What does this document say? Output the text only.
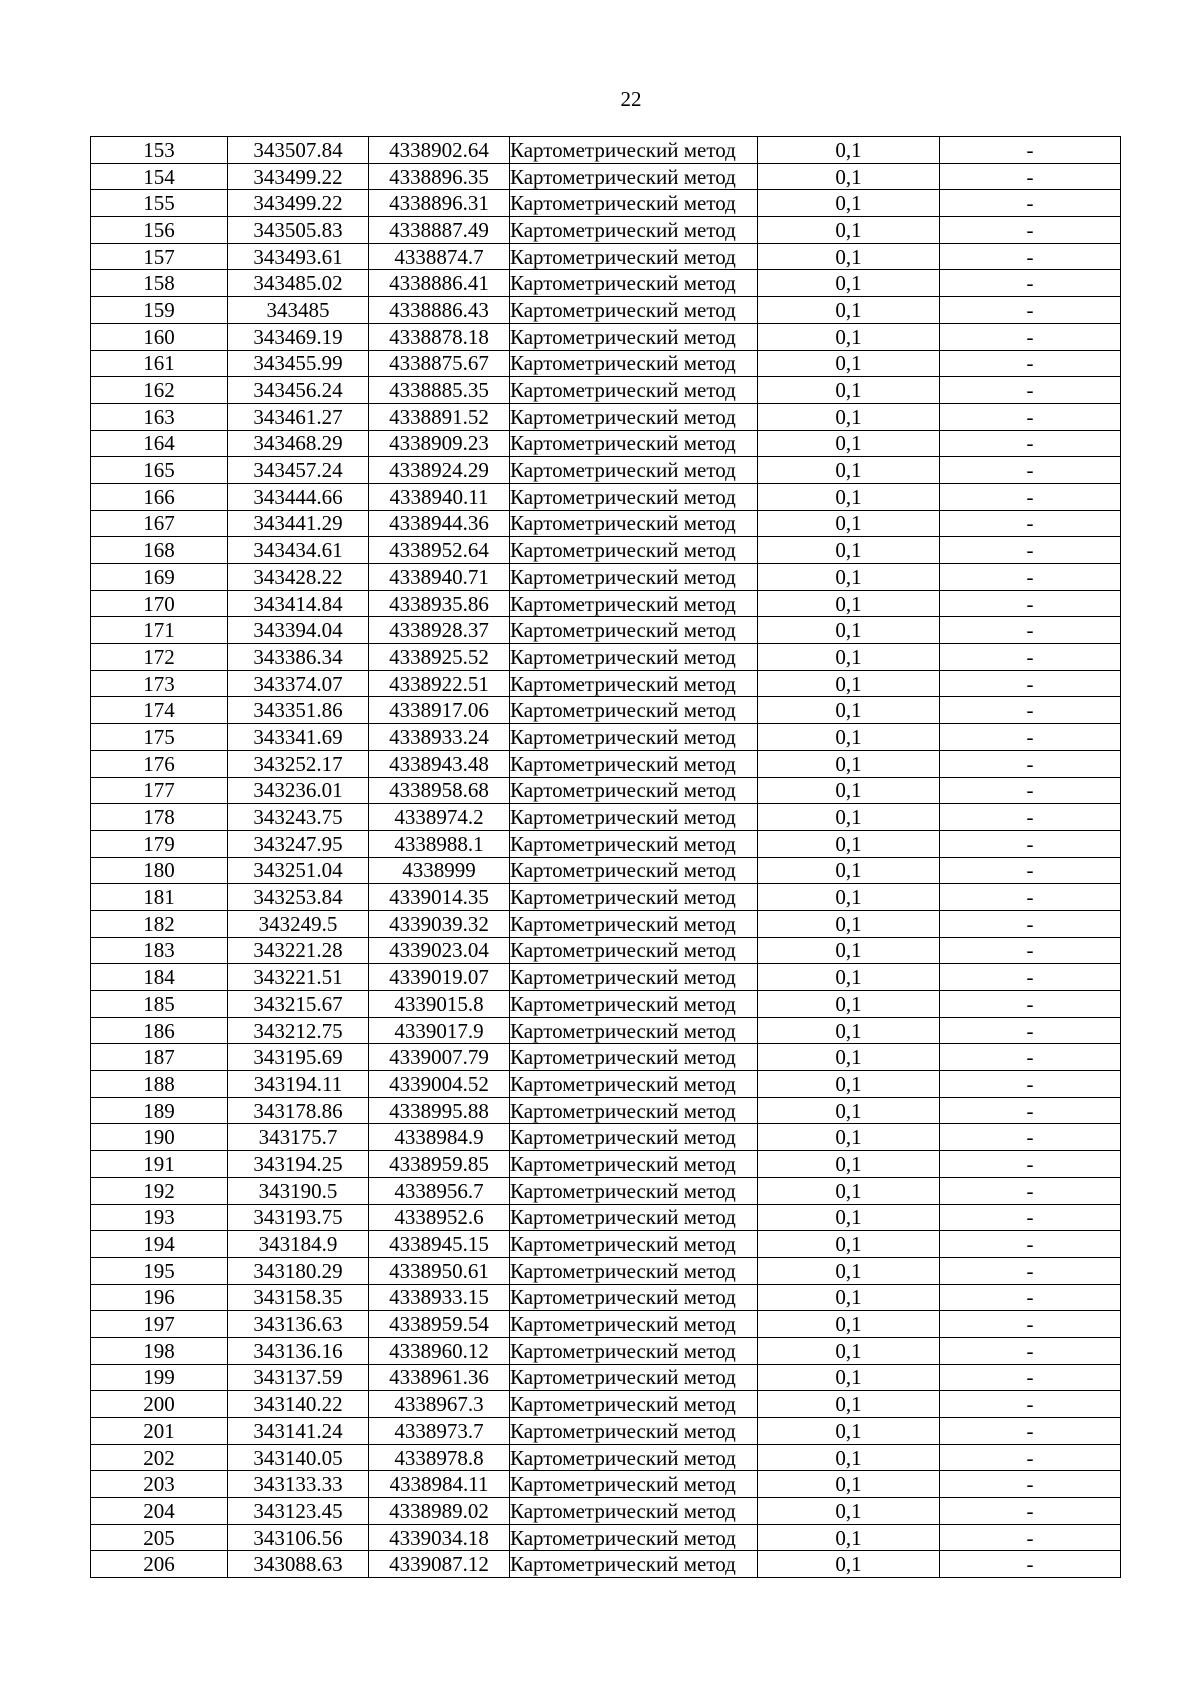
22
153	343507.84	4338902.64	Картометрический метод	0,1	-
154	343499.22	4338896.35	Картометрический метод	0,1	-
155	343499.22	4338896.31	Картометрический метод	0,1	-
156	343505.83	4338887.49	Картометрический метод	0,1	-
157	343493.61	4338874.7	Картометрический метод	0,1	-
158	343485.02	4338886.41	Картометрический метод	0,1	-
159	343485	4338886.43	Картометрический метод	0,1	-
160	343469.19	4338878.18	Картометрический метод	0,1	-
161	343455.99	4338875.67	Картометрический метод	0,1	-
162	343456.24	4338885.35	Картометрический метод	0,1	-
163	343461.27	4338891.52	Картометрический метод	0,1	-
164	343468.29	4338909.23	Картометрический метод	0,1	-
165	343457.24	4338924.29	Картометрический метод	0,1	-
166	343444.66	4338940.11	Картометрический метод	0,1	-
167	343441.29	4338944.36	Картометрический метод	0,1	-
168	343434.61	4338952.64	Картометрический метод	0,1	-
169	343428.22	4338940.71	Картометрический метод	0,1	-
170	343414.84	4338935.86	Картометрический метод	0,1	-
171	343394.04	4338928.37	Картометрический метод	0,1	-
172	343386.34	4338925.52	Картометрический метод	0,1	-
173	343374.07	4338922.51	Картометрический метод	0,1	-
174	343351.86	4338917.06	Картометрический метод	0,1	-
175	343341.69	4338933.24	Картометрический метод	0,1	-
176	343252.17	4338943.48	Картометрический метод	0,1	-
177	343236.01	4338958.68	Картометрический метод	0,1	-
178	343243.75	4338974.2	Картометрический метод	0,1	-
179	343247.95	4338988.1	Картометрический метод	0,1	-
180	343251.04	4338999	Картометрический метод	0,1	-
181	343253.84	4339014.35	Картометрический метод	0,1	-
182	343249.5	4339039.32	Картометрический метод	0,1	-
183	343221.28	4339023.04	Картометрический метод	0,1	-
184	343221.51	4339019.07	Картометрический метод	0,1	-
185	343215.67	4339015.8	Картометрический метод	0,1	-
186	343212.75	4339017.9	Картометрический метод	0,1	-
187	343195.69	4339007.79	Картометрический метод	0,1	-
188	343194.11	4339004.52	Картометрический метод	0,1	-
189	343178.86	4338995.88	Картометрический метод	0,1	-
190	343175.7	4338984.9	Картометрический метод	0,1	-
191	343194.25	4338959.85	Картометрический метод	0,1	-
192	343190.5	4338956.7	Картометрический метод	0,1	-
193	343193.75	4338952.6	Картометрический метод	0,1	-
194	343184.9	4338945.15	Картометрический метод	0,1	-
195	343180.29	4338950.61	Картометрический метод	0,1	-
196	343158.35	4338933.15	Картометрический метод	0,1	-
197	343136.63	4338959.54	Картометрический метод	0,1	-
198	343136.16	4338960.12	Картометрический метод	0,1	-
199	343137.59	4338961.36	Картометрический метод	0,1	-
200	343140.22	4338967.3	Картометрический метод	0,1	-
201	343141.24	4338973.7	Картометрический метод	0,1	-
202	343140.05	4338978.8	Картометрический метод	0,1	-
203	343133.33	4338984.11	Картометрический метод	0,1	-
204	343123.45	4338989.02	Картометрический метод	0,1	-
205	343106.56	4339034.18	Картометрический метод	0,1	-
206	343088.63	4339087.12	Картометрический метод	0,1	-
